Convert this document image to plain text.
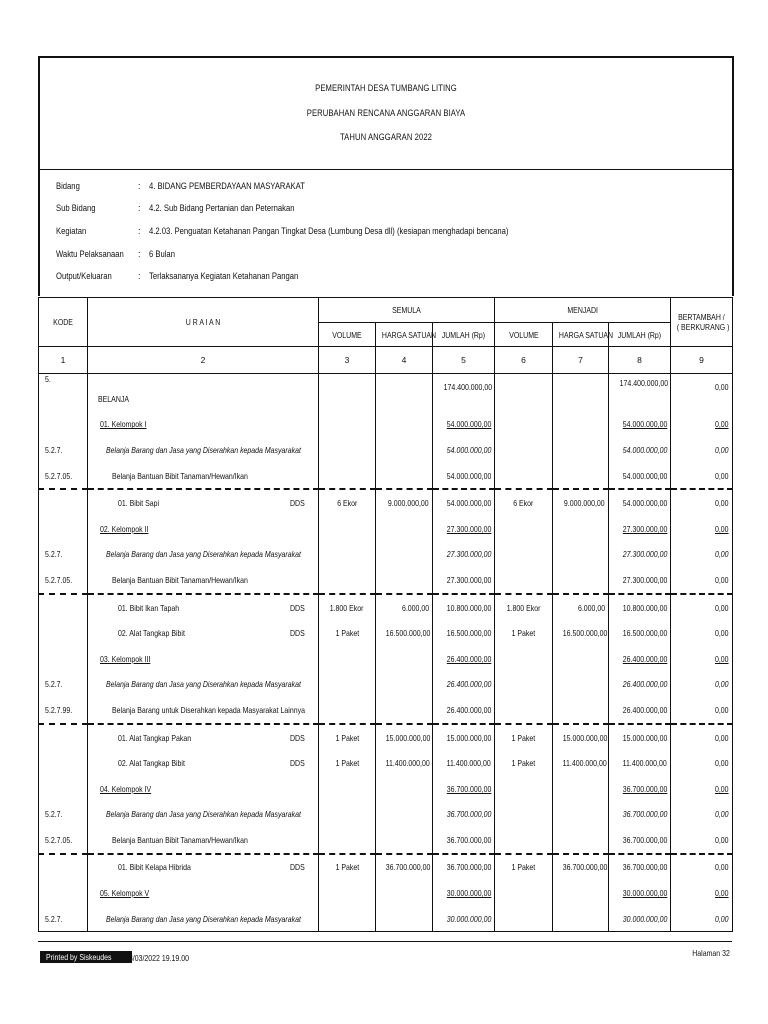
PEMERINTAH DESA TUMBANG LITING
PERUBAHAN RENCANA ANGGARAN BIAYA
TAHUN ANGGARAN 2022
Bidang	: 4. BIDANG PEMBERDAYAAN MASYARAKAT
Sub Bidang	: 4.2. Sub Bidang Pertanian dan Peternakan
Kegiatan	: 4.2.03. Penguatan Ketahanan Pangan Tingkat Desa (Lumbung Desa dll) (kesiapan menghadapi bencana)
Waktu Pelaksanaan	: 6 Bulan
Output/Keluaran	: Terlaksananya Kegiatan Ketahanan Pangan
KODE	U R A I A N	SEMULA			MENJADI			BERTAMBAH /
( BERKURANG )
		VOLUME	HARGA SATUAN	JUMLAH (Rp)	VOLUME	HARGA SATUAN	JUMLAH (Rp)	
1	2	3	4	5	6	7	8	9
5.	BELANJA			174.400.000,00			174.400.000,00	0,00

	01. Kelompok I			54.000.000,00			54.000.000,00	0,00
5.2.7.	Belanja Barang dan Jasa yang Diserahkan kepada Masyarakat			54.000.000,00			54.000.000,00	0,00
5.2.7.05.	Belanja Bantuan Bibit Tanaman/Hewan/Ikan			54.000.000,00			54.000.000,00	0,00

	01. Bibit Sapi DDS	6 Ekor	9.000.000,00	54.000.000,00	6 Ekor	9.000.000,00	54.000.000,00	0,00

	02. Kelompok II			27.300.000,00			27.300.000,00	0,00
5.2.7.	Belanja Barang dan Jasa yang Diserahkan kepada Masyarakat			27.300.000,00			27.300.000,00	0,00
5.2.7.05.	Belanja Bantuan Bibit Tanaman/Hewan/Ikan			27.300.000,00			27.300.000,00	0,00

	01. Bibit Ikan Tapah DDS	1.800 Ekor	6.000,00	10.800.000,00	1.800 Ekor	6.000,00	10.800.000,00	0,00

	02. Alat Tangkap Bibit DDS	1 Paket	16.500.000,00	16.500.000,00	1 Paket	16.500.000,00	16.500.000,00	0,00

	03. Kelompok III			26.400.000,00			26.400.000,00	0,00
5.2.7.	Belanja Barang dan Jasa yang Diserahkan kepada Masyarakat			26.400.000,00			26.400.000,00	0,00
5.2.7.99.	Belanja Barang untuk Diserahkan kepada Masyarakat Lainnya			26.400.000,00			26.400.000,00	0,00

	01. Alat Tangkap Pakan DDS	1 Paket	15.000.000,00	15.000.000,00	1 Paket	15.000.000,00	15.000.000,00	0,00

	02. Alat Tangkap Bibit DDS	1 Paket	11.400.000,00	11.400.000,00	1 Paket	11.400.000,00	11.400.000,00	0,00

	04. Kelompok IV			36.700.000,00			36.700.000,00	0,00
5.2.7.	Belanja Barang dan Jasa yang Diserahkan kepada Masyarakat			36.700.000,00			36.700.000,00	0,00
5.2.7.05.	Belanja Bantuan Bibit Tanaman/Hewan/Ikan			36.700.000,00			36.700.000,00	0,00

	01. Bibit Kelapa Hibrida DDS	1 Paket	36.700.000,00	36.700.000,00	1 Paket	36.700.000,00	36.700.000,00	0,00

	05. Kelompok V			30.000.000,00			30.000.000,00	0,00
5.2.7.	Belanja Barang dan Jasa yang Diserahkan kepada Masyarakat			30.000.000,00			30.000.000,00	0,00
Printed by Siskeudes	28/03/2022 19.19.00	Halaman 32
